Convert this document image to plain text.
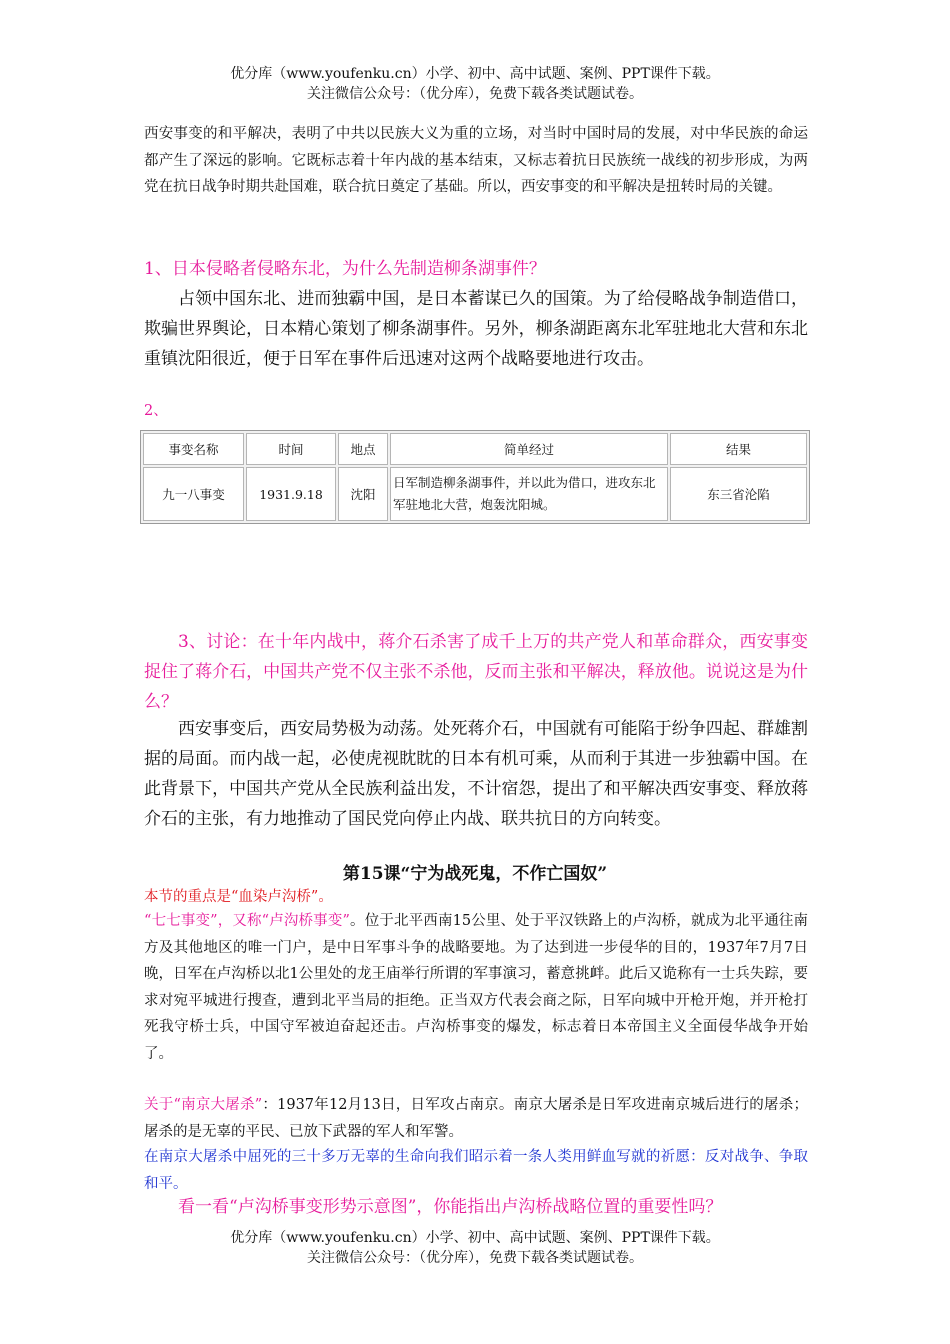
优分库（www.youfenku.cn）小学、初中、高中试题、案例、PPT课件下载。
关注微信公众号：（优分库），免费下载各类试题试卷。
西安事变的和平解决，表明了中共以民族大义为重的立场，对当时中国时局的发展，对中华民族的命运都产生了深远的影响。它既标志着十年内战的基本结束，又标志着抗日民族统一战线的初步形成，为两党在抗日战争时期共赴国难，联合抗日奠定了基础。所以，西安事变的和平解决是扭转时局的关键。
1、日本侵略者侵略东北，为什么先制造柳条湖事件？
占领中国东北、进而独霸中国，是日本蓄谋已久的国策。为了给侵略战争制造借口，欺骗世界舆论，日本精心策划了柳条湖事件。另外，柳条湖距离东北军驻地北大营和东北重镇沈阳很近，便于日军在事件后迅速对这两个战略要地进行攻击。
2、
事变名称	时间	地点	简单经过	结果
九一八事变	1931.9.18	沈阳	日军制造柳条湖事件，并以此为借口，进攻东北军驻地北大营，炮轰沈阳城。	东三省沦陷
3、讨论：在十年内战中，蒋介石杀害了成千上万的共产党人和革命群众，西安事变捉住了蒋介石，中国共产党不仅主张不杀他，反而主张和平解决，释放他。说说这是为什么？
西安事变后，西安局势极为动荡。处死蒋介石，中国就有可能陷于纷争四起、群雄割据的局面。而内战一起，必使虎视眈眈的日本有机可乘，从而利于其进一步独霸中国。在此背景下，中国共产党从全民族利益出发，不计宿怨，提出了和平解决西安事变、释放蒋介石的主张，有力地推动了国民党向停止内战、联共抗日的方向转变。
第15课“宁为战死鬼，不作亡国奴”
本节的重点是“血染卢沟桥”。
“七七事变”，又称“卢沟桥事变”。位于北平西南15公里、处于平汉铁路上的卢沟桥，就成为北平通往南方及其他地区的唯一门户，是中日军事斗争的战略要地。为了达到进一步侵华的目的，1937年7月7日晚，日军在卢沟桥以北1公里处的龙王庙举行所谓的军事演习，蓄意挑衅。此后又诡称有一士兵失踪，要求对宛平城进行搜查，遭到北平当局的拒绝。正当双方代表会商之际，日军向城中开枪开炮，并开枪打死我守桥士兵，中国守军被迫奋起还击。卢沟桥事变的爆发，标志着日本帝国主义全面侵华战争开始了。
关于“南京大屠杀”：1937年12月13日，日军攻占南京。南京大屠杀是日军攻进南京城后进行的屠杀；屠杀的是无辜的平民、已放下武器的军人和军警。
在南京大屠杀中屈死的三十多万无辜的生命向我们昭示着一条人类用鲜血写就的祈愿：反对战争、争取和平。
看一看“卢沟桥事变形势示意图”，你能指出卢沟桥战略位置的重要性吗？
优分库（www.youfenku.cn）小学、初中、高中试题、案例、PPT课件下载。
关注微信公众号：（优分库），免费下载各类试题试卷。
